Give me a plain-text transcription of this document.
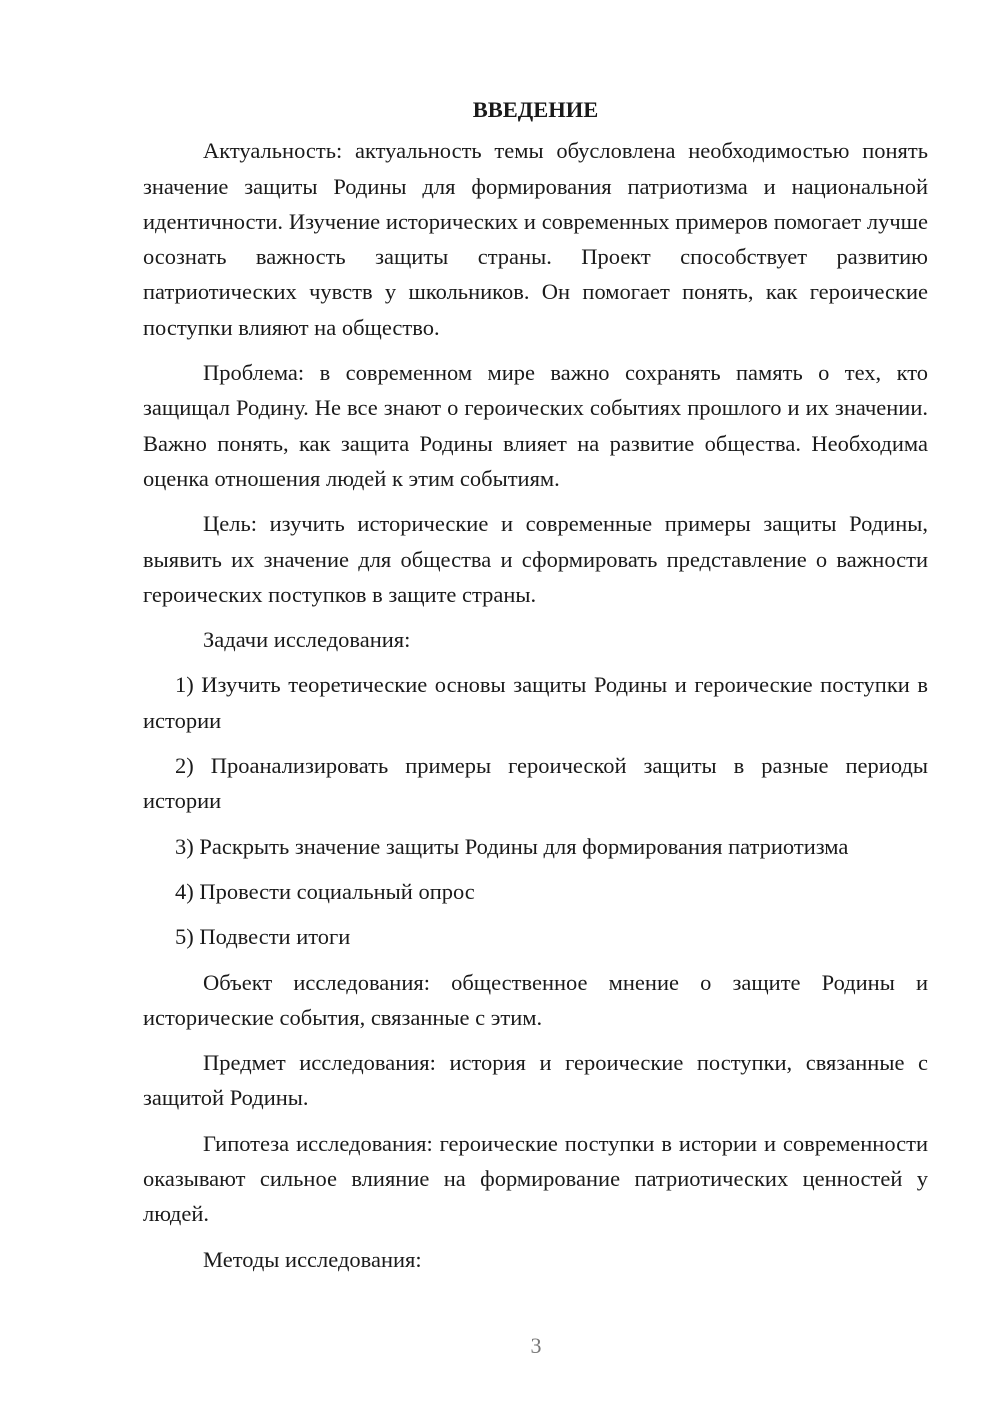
ВВЕДЕНИЕ

Актуальность: актуальность темы обусловлена необходимостью понять значение защиты Родины для формирования патриотизма и национальной идентичности. Изучение исторических и современных примеров помогает лучше осознать важность защиты страны. Проект способствует развитию патриотических чувств у школьников. Он помогает понять, как героические поступки влияют на общество.

Проблема: в современном мире важно сохранять память о тех, кто защищал Родину. Не все знают о героических событиях прошлого и их значении. Важно понять, как защита Родины влияет на развитие общества. Необходима оценка отношения людей к этим событиям.

Цель: изучить исторические и современные примеры защиты Родины, выявить их значение для общества и сформировать представление о важности героических поступков в защите страны.

Задачи исследования:

1) Изучить теоретические основы защиты Родины и героические поступки в истории

2) Проанализировать примеры героической защиты в разные периоды истории

3) Раскрыть значение защиты Родины для формирования патриотизма

4) Провести социальный опрос

5) Подвести итоги

Объект исследования: общественное мнение о защите Родины и исторические события, связанные с этим.

Предмет исследования: история и героические поступки, связанные с защитой Родины.

Гипотеза исследования: героические поступки в истории и современности оказывают сильное влияние на формирование патриотических ценностей у людей.

Методы исследования:

3
